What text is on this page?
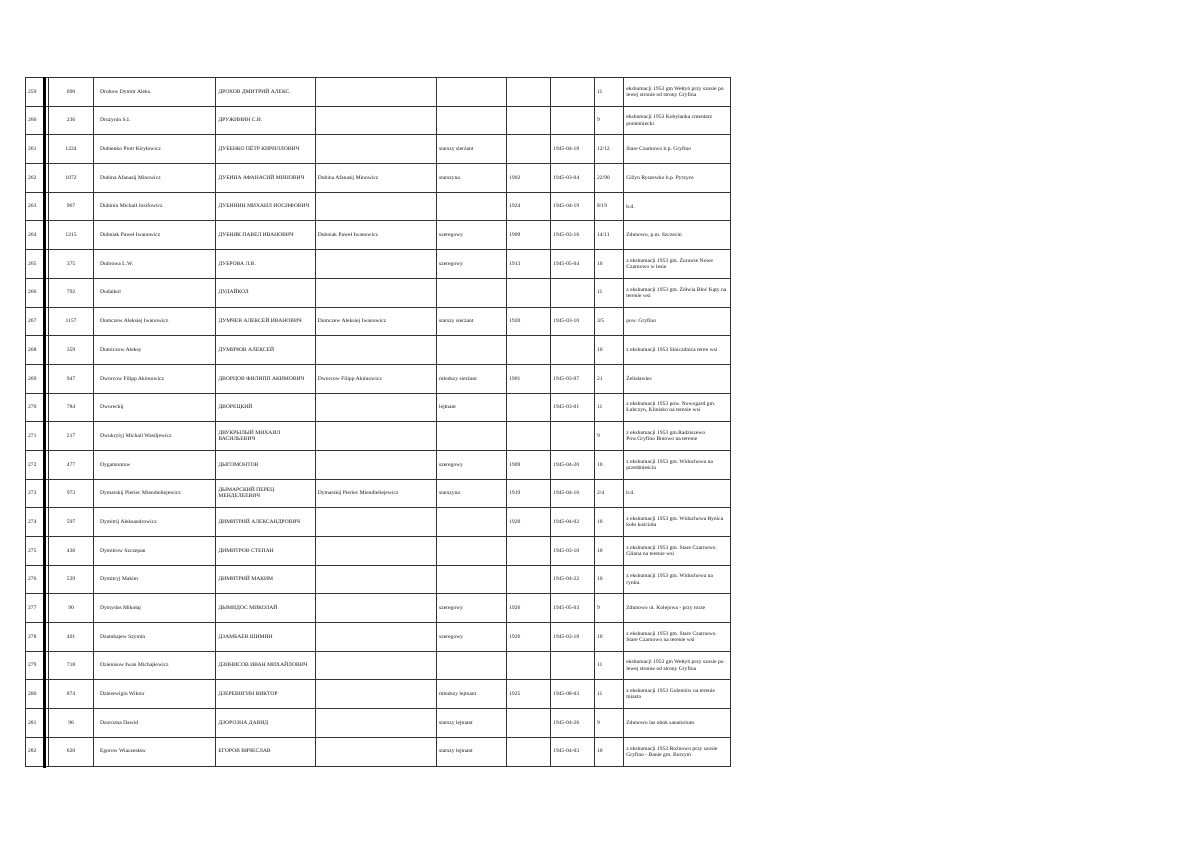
259	690	Drohow Dymitr Aleks.	ДРОХОВ ДМИТРИЙ АЛЕКС.					11	ekshumacji 1953 gm Wełtyń przy szosie po lewej stronie od strony Gryfina

260	236	Drużynin S.I.	ДРУЖИНИН С.И.					9	ekshumacji 1953 Kobylanka cmentarz poniemiecki

261	1224	Dubienko Piotr Kiryłowicz	ДУБЕНКО ПЁТР КИРИЛЛОВИЧ		starszy sierżant		1945-04-18	12/12	Stare Czarnowo b.p. Gryfino

262	1072	Dubina Afanasij Minowicz	ДУБИНА АФАНАСИЙ МИНОВИЧ	Dubina Afanasij Minowicz	starszyna	1902	1945-03-04	22/90	Gižyn Ryszewko b.p. Pyrzyce

263	967	Dubinin Michaił Josifowicz	ДУБИНИН МИХАИЛ ИОСИФОВИЧ			1924	1945-04-19	8/19	b.d.

264	1215	Dubniak Paweł Iwanowicz	ДУБНЯК ПАВЕЛ ИВАНОВИЧ	Dubniak Paweł Iwanowicz	szeregowy	1909	1945-03-16	14/11	Zdunowo, p.m. Szczecin

265	375	Dubrowa L.W.	ДУБРОВА Л.В.		szeregowy	1913	1945-05-04	10	z ekshumacji 1953 gm. Żurawie Nowe Czarnowo w lesie

266	792	Dudaikol	ДУДАЙКОЛ					11	z ekshumacji 1953 gm. Żółwia Błoć Kąty na terenie wsi

267	1157	Dumczew Aleksiej Iwanowicz	ДУМЧЕВ АЛЕКСЕЙ ИВАНОВИЧ	Dumczew Aleksiej Iwanowicz	starszy sierżant	1920	1945-03-10	3/5	pow. Gryfino

268	359	Dumiczow Aleksy	ДУМИЧОВ АЛЕКСЕЙ					10	z ekshumacji 1953 Siniczdnica teren wsi

269	947	Dworcow Filipp Akimowicz	ДВОРЦОВ ФИЛИПП АКИМОВИЧ	Dworcow Filipp Akimowicz	młodszy sierżant	1901	1945-03-07	21	Żelisławiec

270	784	Dworeckij	ДВОРЕЦКИЙ		lejtnant		1945-03-01	11	z ekshumacji 1953 pow. Nowogard gm. Łubczyn, Klinisko na terenie wsi

271	217	Dwukrylyj Michail Wasiljewicz	ДВУКРЫЛЫЙ МИХАИЛ ВАСИЛЬЕВИЧ					9	z ekshumacji 1953 gm.Radziszewo Pow.Gryfino Binowo na terenie

272	477	Dygamontow	ДЫГОМОНТОВ		szeregowy	1909	1945-04-20	10	z ekshumacji 1953 gm. Widuchowa na przedmieściu

273	973	Dymarskij Pieriec Miendieliejewicz	ДЫМАРСКИЙ ПЕРЕЦ МЕНДЕЛЕЕВИЧ	Dymarskij Pieriec Miendieliejewicz	starszyna	1919	1945-04-16	2/4	b.d.

274	597	Dymitrij Aleksandrowicz	ДИМИТРИЙ АЛЕКСАНДРОВИЧ			1920	1945-04-02	10	z ekshumacji 1953 gm. Widuchowa Rynica koło kościoła

275	436	Dymitrow Szczepan	ДИМИТРОВ СТЕПАН				1945-03-10	10	z ekshumacji 1953 gm. Stare Czarnowo. Glinna na terenie wsi

276	539	Dymitryj Makim	ДИМИТРИЙ МАКИМ				1945-04-22	10	z ekshumacji 1953 gm. Widuchowa na rynku.

277	90	Dymydos Mikołaj	ДЫМИДОС МИКОЛАЙ		szeregowy	1926	1945-05-03	9	Zdunowo ul. Kolejowa - przy torze

278	401	Dzambajew Szymin	ДЗАМБАЕВ ШИМИН		szeregowy	1926	1945-03-18	10	z ekshumacji 1953 gm. Stare Czarnowo. Stare Czarnowo na terenie wsi

279	718	Dzienisow Iwan Michajłowicz	ДЗИНИСОВ ИВАН МИХАЙЛОВИЧ					11	ekshumacji 1953 gm Wełtyń przy szosie po lewej stronie od strony Gryfina

280	874	Dzierewigin Wiktor	ДЗЕРЕВИГИН ВИКТОР		młodszy lejtnant	1925	1945-08-03	11	z ekshumacji 1953 Goleniów na terenie miasta

281	96	Dzorozna Dawid	ДЗОРОЗНА ДАВИД		starszy lejtnant		1945-04-26	9	Zdunowo las obok sanatorium

282	620	Egorow Wiaczesław	ЕГОРОВ ВЯЧЕСЛАВ		starszy lejtnant		1945-04-03	10	z ekshumacji 1953 Rożnowo przy szosie Gryfino - Banie gm. Borzym
